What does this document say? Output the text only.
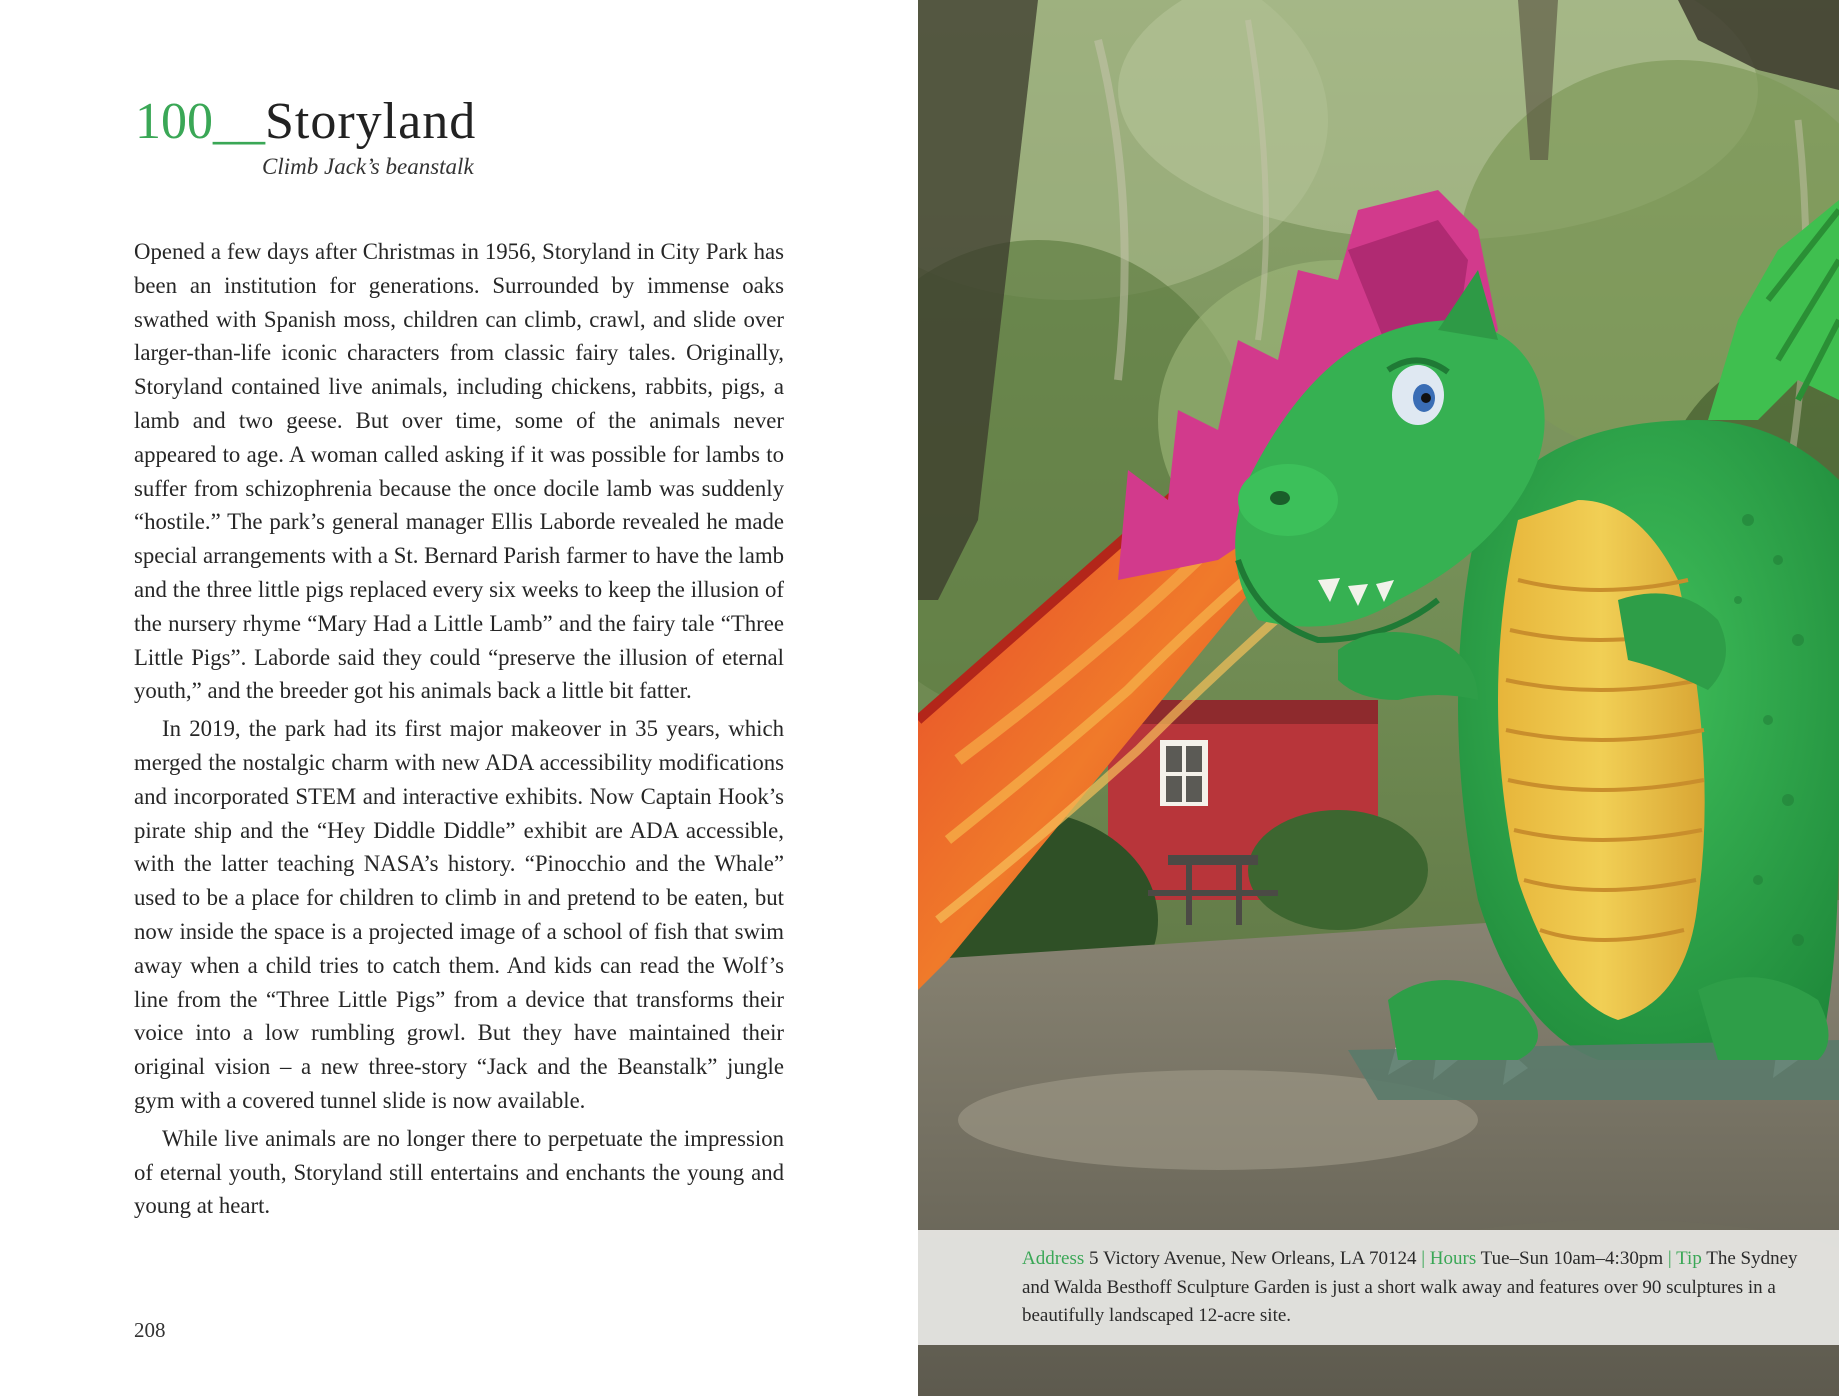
100 __ Storyland
Climb Jack’s beanstalk

Opened a few days after Christmas in 1956, Storyland in City Park has been an institution for generations. Surrounded by immense oaks swathed with Spanish moss, children can climb, crawl, and slide over larger-than-life iconic characters from classic fairy tales. Originally, Storyland contained live animals, including chickens, rabbits, pigs, a lamb and two geese. But over time, some of the animals never appeared to age. A woman called asking if it was possible for lambs to suffer from schizophrenia because the once docile lamb was suddenly “hostile.” The park’s general manager Ellis Laborde revealed he made special arrangements with a St. Bernard Parish farmer to have the lamb and the three little pigs replaced every six weeks to keep the illusion of the nursery rhyme “Mary Had a Little Lamb” and the fairy tale “Three Little Pigs”. Laborde said they could “preserve the illusion of eternal youth,” and the breeder got his animals back a little bit fatter.

In 2019, the park had its first major makeover in 35 years, which merged the nostalgic charm with new ADA accessibility modifications and incorporated STEM and interactive exhibits. Now Captain Hook’s pirate ship and the “Hey Diddle Diddle” exhibit are ADA accessible, with the latter teaching NASA’s history. “Pinocchio and the Whale” used to be a place for children to climb in and pretend to be eaten, but now inside the space is a projected image of a school of fish that swim away when a child tries to catch them. And kids can read the Wolf’s line from the “Three Little Pigs” from a device that transforms their voice into a low rumbling growl. But they have maintained their original vision – a new three-story “Jack and the Beanstalk” jungle gym with a covered tunnel slide is now available.

While live animals are no longer there to perpetuate the impression of eternal youth, Storyland still entertains and enchants the young and young at heart.

208
Address 5 Victory Avenue, New Orleans, LA 70124 | Hours Tue–Sun 10am–4:30pm | Tip The Sydney and Walda Besthoff Sculpture Garden is just a short walk away and features over 90 sculptures in a beautifully landscaped 12-acre site.
